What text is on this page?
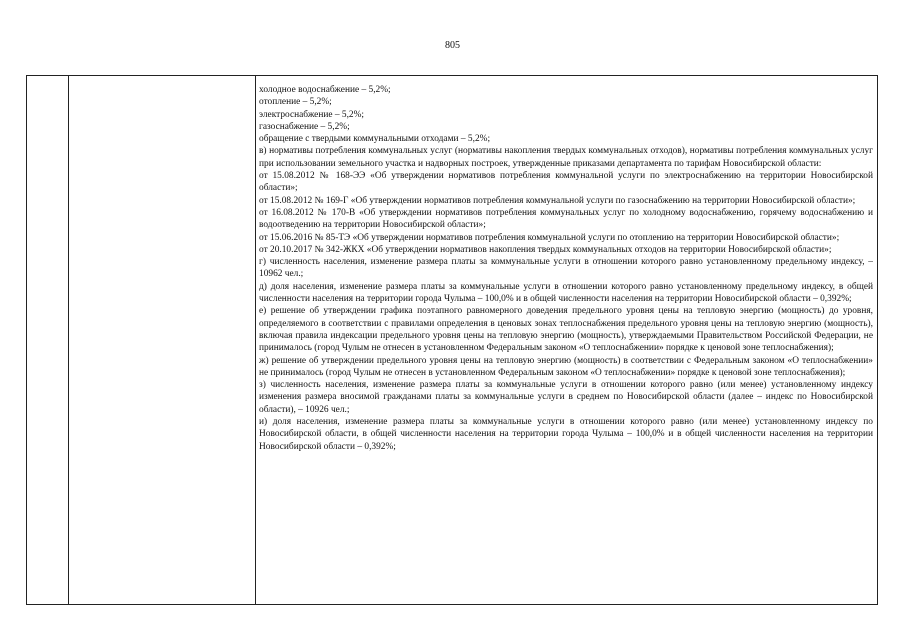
805

холодное водоснабжение – 5,2%;

отопление – 5,2%;

электроснабжение – 5,2%;

газоснабжение – 5,2%;

обращение с твердыми коммунальными отходами – 5,2%;

в) нормативы потребления коммунальных услуг (нормативы накопления твердых коммунальных отходов), нормативы потребления коммунальных услуг при использовании земельного участка и надворных построек, утвержденные приказами департамента по тарифам Новосибирской области:

от 15.08.2012 № 168-ЭЭ «Об утверждении нормативов потребления коммунальной услуги по электроснабжению на территории Новосибирской области»;

от 15.08.2012 № 169-Г «Об утверждении нормативов потребления коммунальной услуги по газоснабжению на территории Новосибирской области»;

от 16.08.2012 № 170-В «Об утверждении нормативов потребления коммунальных услуг по холодному водоснабжению, горячему водоснабжению и водоотведению на территории Новосибирской области»;

от 15.06.2016 № 85-ТЭ «Об утверждении нормативов потребления коммунальной услуги по отоплению на территории Новосибирской области»;

от 20.10.2017 № 342-ЖКХ «Об утверждении нормативов накопления твердых коммунальных отходов на территории Новосибирской области»;

г) численность населения, изменение размера платы за коммунальные услуги в отношении которого равно установленному предельному индексу, – 10962 чел.;

д) доля населения, изменение размера платы за коммунальные услуги в отношении которого равно установленному предельному индексу, в общей численности населения на территории города Чулыма – 100,0% и в общей численности населения на территории Новосибирской области – 0,392%;

е) решение об утверждении графика поэтапного равномерного доведения предельного уровня цены на тепловую энергию (мощность) до уровня, определяемого в соответствии с правилами определения в ценовых зонах теплоснабжения предельного уровня цены на тепловую энергию (мощность), включая правила индексации предельного уровня цены на тепловую энергию (мощность), утверждаемыми Правительством Российской Федерации, не принималось (город Чулым не отнесен в установленном Федеральным законом «О теплоснабжении» порядке к ценовой зоне теплоснабжения);

ж) решение об утверждении предельного уровня цены на тепловую энергию (мощность) в соответствии с Федеральным законом «О теплоснабжении» не принималось (город Чулым не отнесен в установленном Федеральным законом «О теплоснабжении» порядке к ценовой зоне теплоснабжения);

з) численность населения, изменение размера платы за коммунальные услуги в отношении которого равно (или менее) установленному индексу изменения размера вносимой гражданами платы за коммунальные услуги в среднем по Новосибирской области (далее – индекс по Новосибирской области), – 10926 чел.;

и) доля населения, изменение размера платы за коммунальные услуги в отношении которого равно (или менее) установленному индексу по Новосибирской области, в общей численности населения на территории города Чулыма – 100,0% и в общей численности населения на территории Новосибирской области – 0,392%;
